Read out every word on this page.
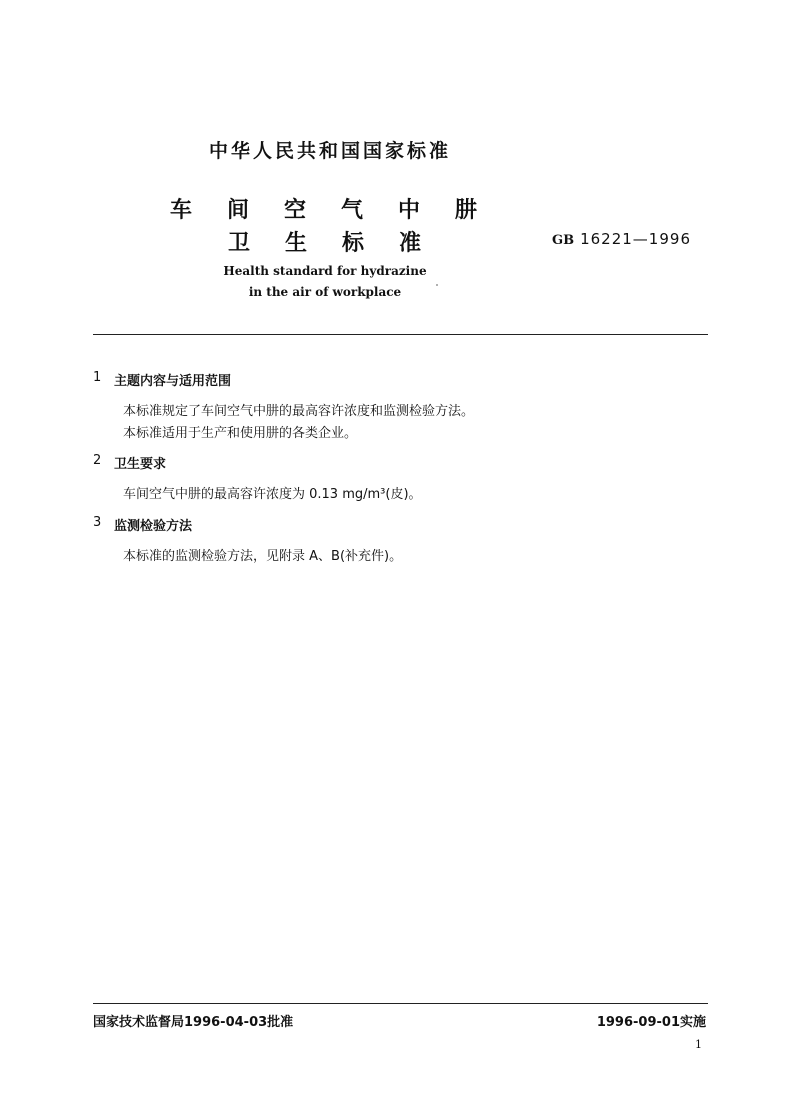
中华人民共和国国家标准
车	间	空	气	中	肼
卫	生	标	准	GB 16221—1996
Health standard for hydrazine
in the air of workplace
1 主题内容与适用范围
本标准规定了车间空气中肼的最高容许浓度和监测检验方法。
本标准适用于生产和使用肼的各类企业。
2 卫生要求
车间空气中肼的最高容许浓度为 0.13 mg/m³(皮)。
3 监测检验方法
本标准的监测检验方法，见附录 A、B(补充件)。
国家技术监督局1996-04-03批准	1996-09-01实施
1
